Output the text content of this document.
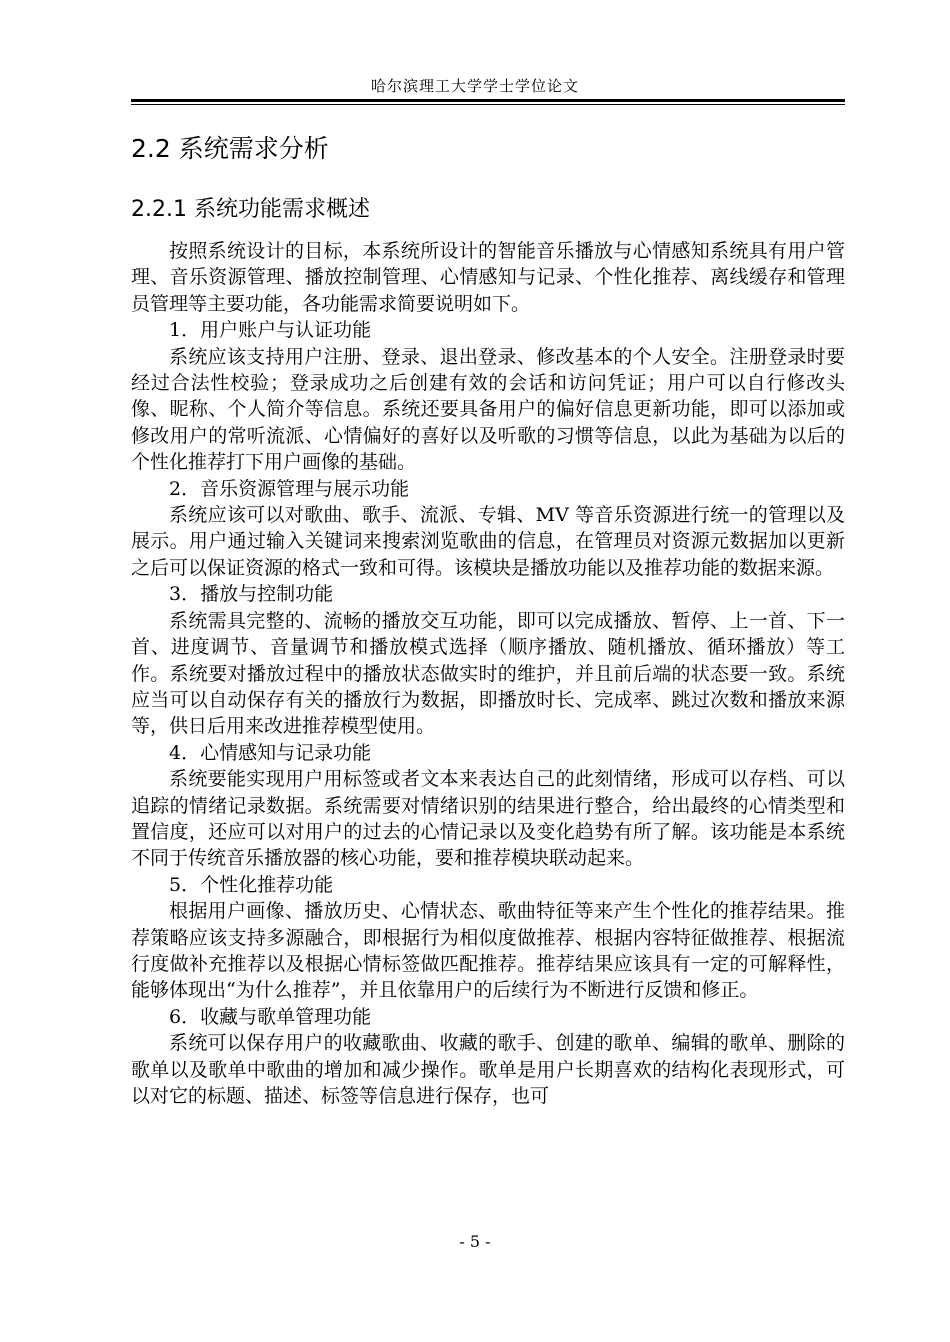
哈尔滨理工大学学士学位论文
2.2 系统需求分析
2.2.1 系统功能需求概述

按照系统设计的目标，本系统所设计的智能音乐播放与心情感知系统具有用户管理、音乐资源管理、播放控制管理、心情感知与记录、个性化推荐、离线缓存和管理员管理等主要功能，各功能需求简要说明如下。

1．用户账户与认证功能

系统应该支持用户注册、登录、退出登录、修改基本的个人安全。注册登录时要经过合法性校验；登录成功之后创建有效的会话和访问凭证；用户可以自行修改头像、昵称、个人简介等信息。系统还要具备用户的偏好信息更新功能，即可以添加或修改用户的常听流派、心情偏好的喜好以及听歌的习惯等信息，以此为基础为以后的个性化推荐打下用户画像的基础。

2．音乐资源管理与展示功能

系统应该可以对歌曲、歌手、流派、专辑、MV 等音乐资源进行统一的管理以及展示。用户通过输入关键词来搜索浏览歌曲的信息，在管理员对资源元数据加以更新之后可以保证资源的格式一致和可得。该模块是播放功能以及推荐功能的数据来源。

3．播放与控制功能

系统需具完整的、流畅的播放交互功能，即可以完成播放、暂停、上一首、下一首、进度调节、音量调节和播放模式选择（顺序播放、随机播放、循环播放）等工作。系统要对播放过程中的播放状态做实时的维护，并且前后端的状态要一致。系统应当可以自动保存有关的播放行为数据，即播放时长、完成率、跳过次数和播放来源等，供日后用来改进推荐模型使用。

4．心情感知与记录功能

系统要能实现用户用标签或者文本来表达自己的此刻情绪，形成可以存档、可以追踪的情绪记录数据。系统需要对情绪识别的结果进行整合，给出最终的心情类型和置信度，还应可以对用户的过去的心情记录以及变化趋势有所了解。该功能是本系统不同于传统音乐播放器的核心功能，要和推荐模块联动起来。

5．个性化推荐功能

根据用户画像、播放历史、心情状态、歌曲特征等来产生个性化的推荐结果。推荐策略应该支持多源融合，即根据行为相似度做推荐、根据内容特征做推荐、根据流行度做补充推荐以及根据心情标签做匹配推荐。推荐结果应该具有一定的可解释性，能够体现出“为什么推荐”，并且依靠用户的后续行为不断进行反馈和修正。

6．收藏与歌单管理功能

系统可以保存用户的收藏歌曲、收藏的歌手、创建的歌单、编辑的歌单、删除的歌单以及歌单中歌曲的增加和减少操作。歌单是用户长期喜欢的结构化表现形式，可以对它的标题、描述、标签等信息进行保存，也可

- 5 -
